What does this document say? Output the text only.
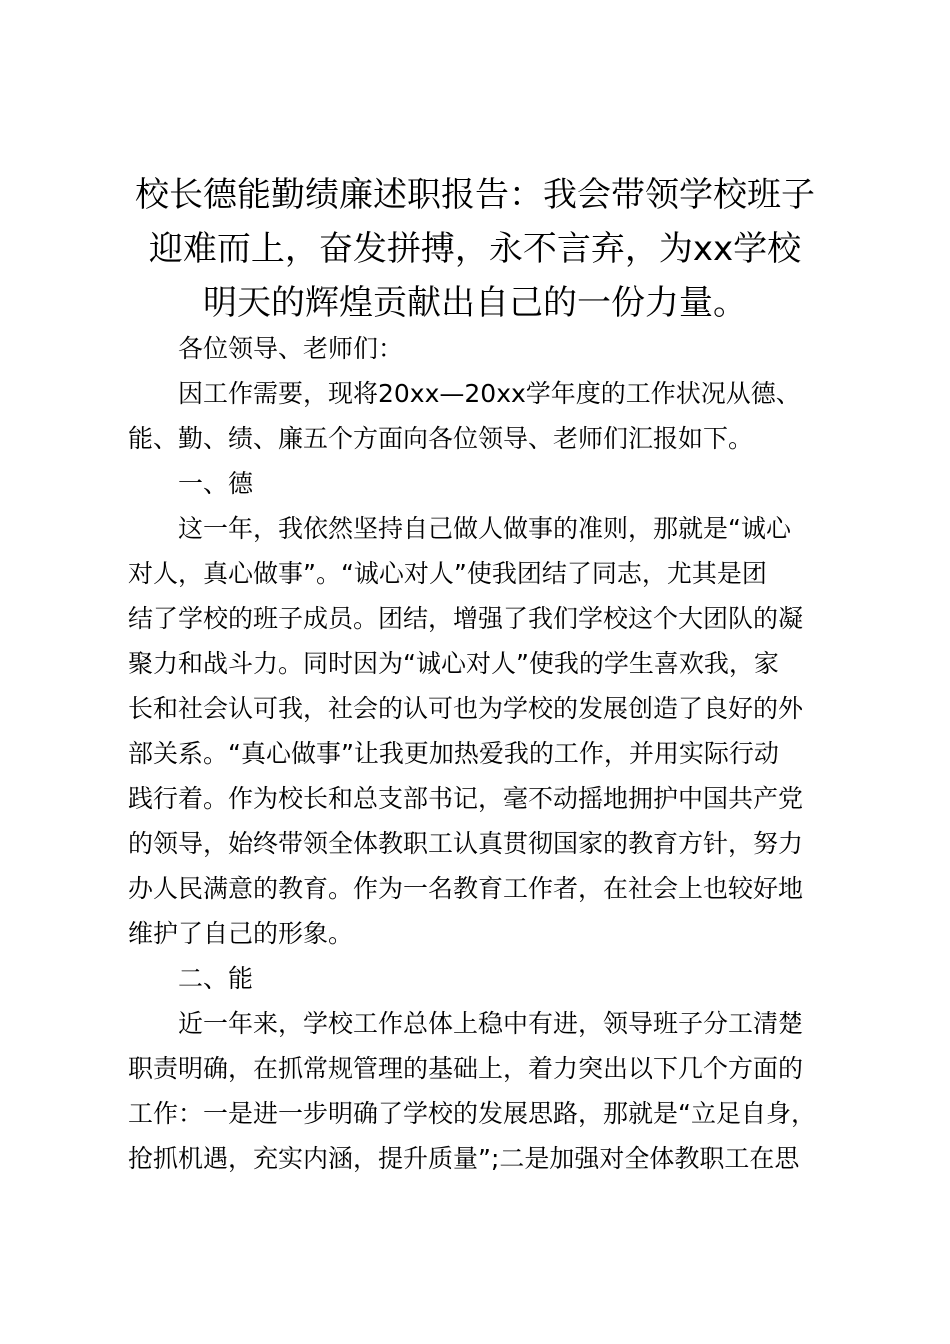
校长德能勤绩廉述职报告：我会带领学校班子
迎难而上，奋发拼搏，永不言弃，为xx学校
明天的辉煌贡献出自己的一份力量。
各位领导、老师们：
因工作需要，现将20xx—20xx学年度的工作状况从德、
能、勤、绩、廉五个方面向各位领导、老师们汇报如下。
一、德
这一年，我依然坚持自己做人做事的准则，那就是“诚心
对人，真心做事”。“诚心对人”使我团结了同志，尤其是团
结了学校的班子成员。团结，增强了我们学校这个大团队的凝
聚力和战斗力。同时因为“诚心对人”使我的学生喜欢我，家
长和社会认可我，社会的认可也为学校的发展创造了良好的外
部关系。“真心做事”让我更加热爱我的工作，并用实际行动
践行着。作为校长和总支部书记，毫不动摇地拥护中国共产党
的领导，始终带领全体教职工认真贯彻国家的教育方针，努力
办人民满意的教育。作为一名教育工作者，在社会上也较好地
维护了自己的形象。
二、能
近一年来，学校工作总体上稳中有进，领导班子分工清楚
职责明确，在抓常规管理的基础上，着力突出以下几个方面的
工作：一是进一步明确了学校的发展思路，那就是“立足自身，
抢抓机遇，充实内涵，提升质量”;二是加强对全体教职工在思
